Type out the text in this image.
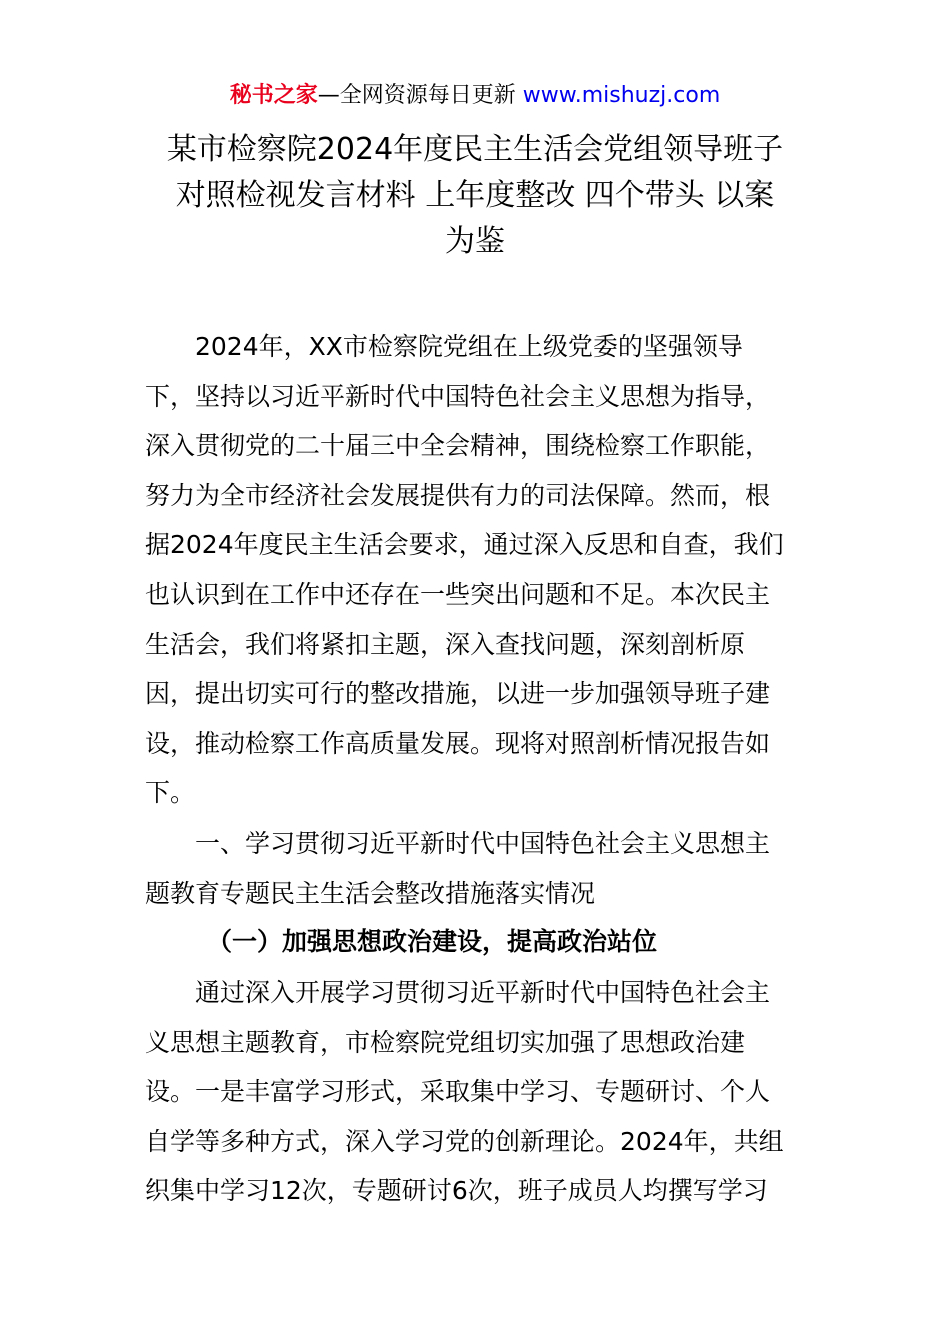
秘书之家—全网资源每日更新 www.mishuzj.com
某市检察院2024年度民主生活会党组领导班子
对照检视发言材料 上年度整改 四个带头 以案
为鉴

2024年，XX市检察院党组在上级党委的坚强领导
下，坚持以习近平新时代中国特色社会主义思想为指导，
深入贯彻党的二十届三中全会精神，围绕检察工作职能，
努力为全市经济社会发展提供有力的司法保障。然而，根
据2024年度民主生活会要求，通过深入反思和自查，我们
也认识到在工作中还存在一些突出问题和不足。本次民主
生活会，我们将紧扣主题，深入查找问题，深刻剖析原
因，提出切实可行的整改措施，以进一步加强领导班子建
设，推动检察工作高质量发展。现将对照剖析情况报告如
下。

一、学习贯彻习近平新时代中国特色社会主义思想主
题教育专题民主生活会整改措施落实情况

（一）加强思想政治建设，提高政治站位

通过深入开展学习贯彻习近平新时代中国特色社会主
义思想主题教育，市检察院党组切实加强了思想政治建
设。一是丰富学习形式，采取集中学习、专题研讨、个人
自学等多种方式，深入学习党的创新理论。2024年，共组
织集中学习12次，专题研讨6次，班子成员人均撰写学习
